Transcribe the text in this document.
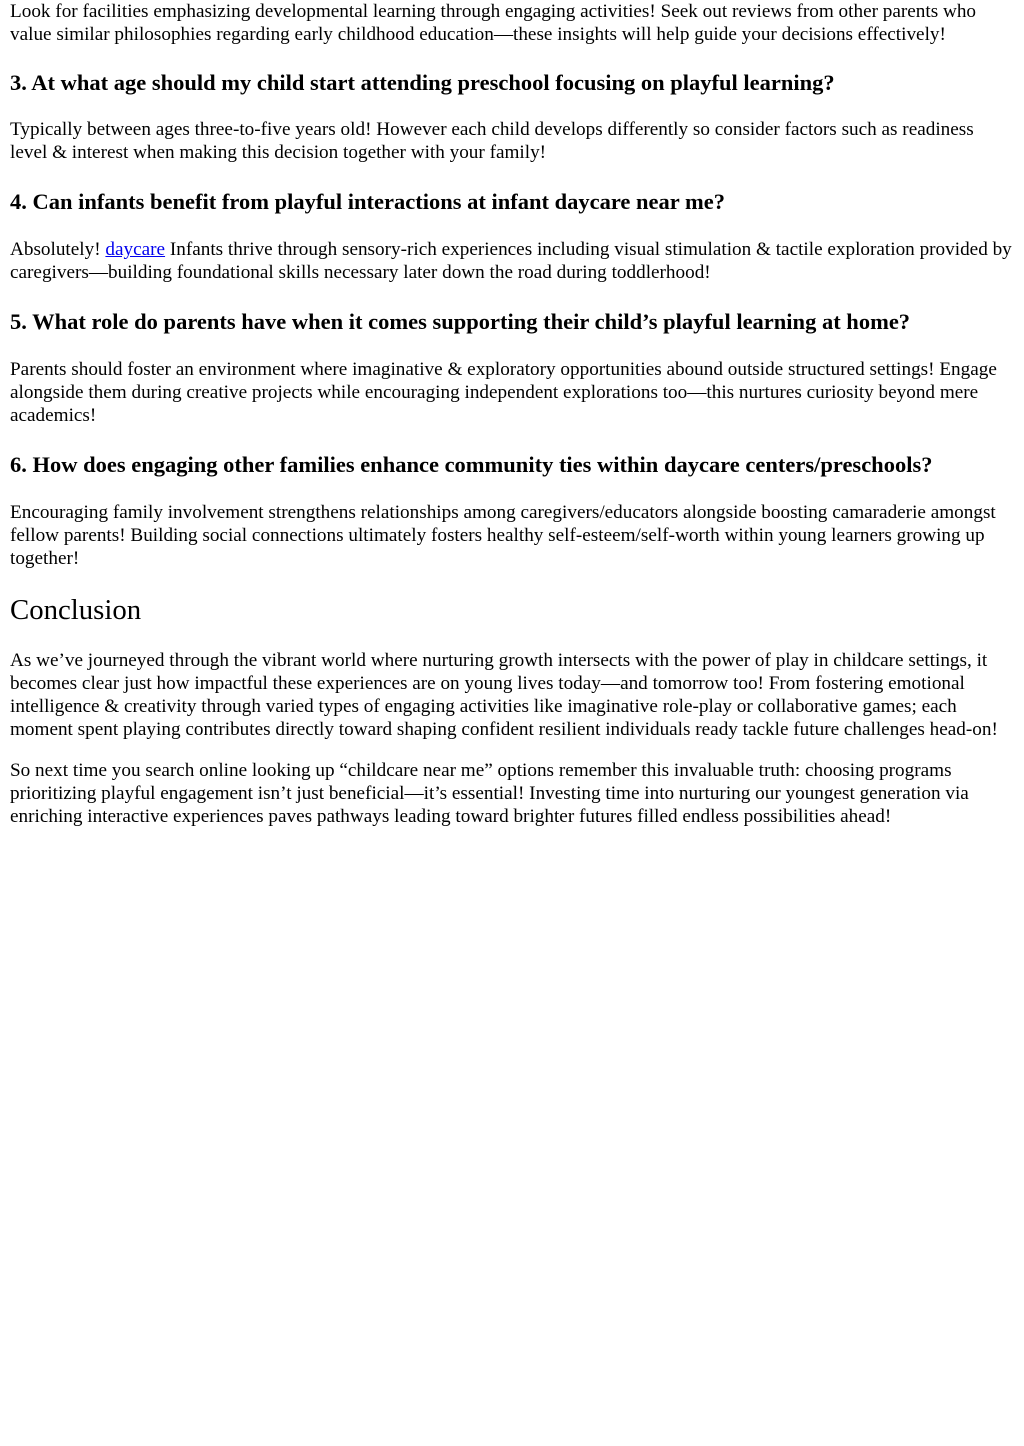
Look for facilities emphasizing developmental learning through engaging activities! Seek out reviews from other parents who value similar philosophies regarding early childhood education—these insights will help guide your decisions effectively!

3. At what age should my child start attending preschool focusing on playful learning?

Typically between ages three-to-five years old! However each child develops differently so consider factors such as readiness level & interest when making this decision together with your family!

4. Can infants benefit from playful interactions at infant daycare near me?

Absolutely! daycare Infants thrive through sensory-rich experiences including visual stimulation & tactile exploration provided by caregivers—building foundational skills necessary later down the road during toddlerhood!

5. What role do parents have when it comes supporting their child’s playful learning at home?

Parents should foster an environment where imaginative & exploratory opportunities abound outside structured settings! Engage alongside them during creative projects while encouraging independent explorations too—this nurtures curiosity beyond mere academics!

6. How does engaging other families enhance community ties within daycare centers/preschools?

Encouraging family involvement strengthens relationships among caregivers/educators alongside boosting camaraderie amongst fellow parents! Building social connections ultimately fosters healthy self-esteem/self-worth within young learners growing up together!

Conclusion

As we’ve journeyed through the vibrant world where nurturing growth intersects with the power of play in childcare settings, it becomes clear just how impactful these experiences are on young lives today—and tomorrow too! From fostering emotional intelligence & creativity through varied types of engaging activities like imaginative role-play or collaborative games; each moment spent playing contributes directly toward shaping confident resilient individuals ready tackle future challenges head-on!

So next time you search online looking up “childcare near me” options remember this invaluable truth: choosing programs prioritizing playful engagement isn’t just beneficial—it’s essential! Investing time into nurturing our youngest generation via enriching interactive experiences paves pathways leading toward brighter futures filled endless possibilities ahead!
